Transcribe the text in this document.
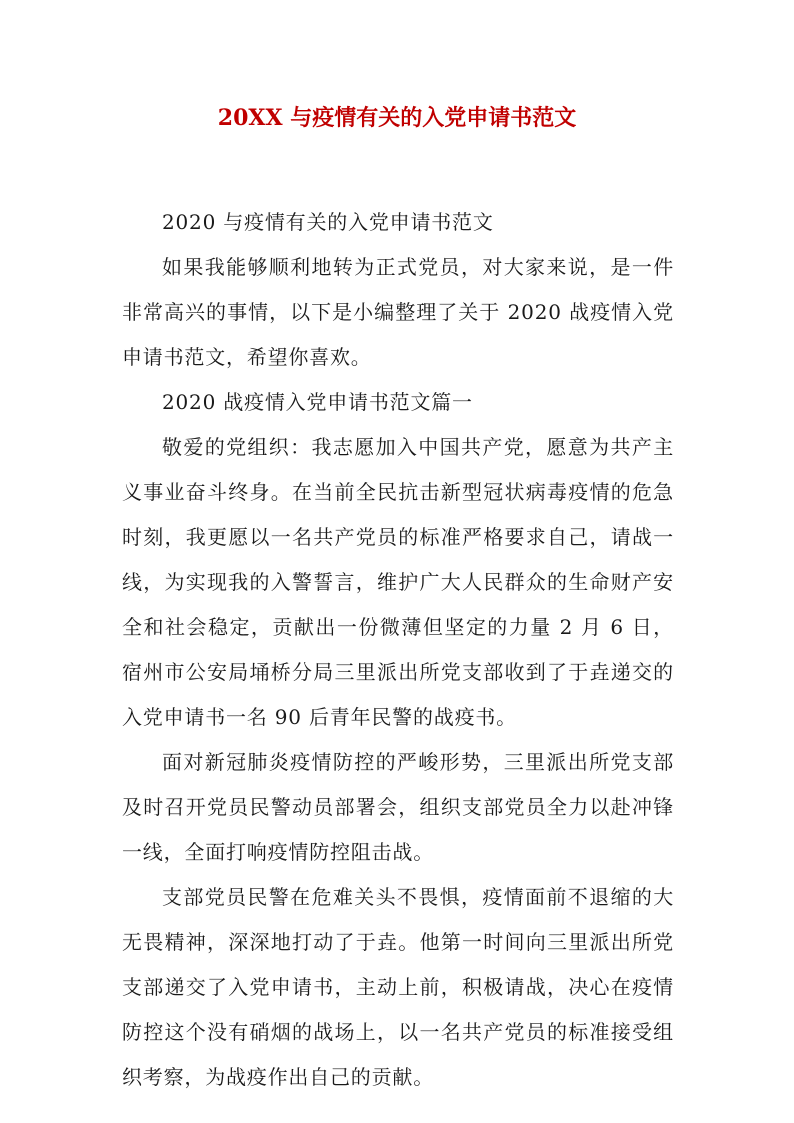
20XX 与疫情有关的入党申请书范文

2020 与疫情有关的入党申请书范文

如果我能够顺利地转为正式党员，对大家来说，是一件非常高兴的事情，以下是小编整理了关于 2020 战疫情入党申请书范文，希望你喜欢。

2020 战疫情入党申请书范文篇一

敬爱的党组织：我志愿加入中国共产党，愿意为共产主义事业奋斗终身。在当前全民抗击新型冠状病毒疫情的危急时刻，我更愿以一名共产党员的标准严格要求自己，请战一线，为实现我的入警誓言，维护广大人民群众的生命财产安全和社会稳定，贡献出一份微薄但坚定的力量 2 月 6 日，宿州市公安局埇桥分局三里派出所党支部收到了于垚递交的入党申请书一名 90 后青年民警的战疫书。

面对新冠肺炎疫情防控的严峻形势，三里派出所党支部及时召开党员民警动员部署会，组织支部党员全力以赴冲锋一线，全面打响疫情防控阻击战。

支部党员民警在危难关头不畏惧，疫情面前不退缩的大无畏精神，深深地打动了于垚。他第一时间向三里派出所党支部递交了入党申请书，主动上前，积极请战，决心在疫情防控这个没有硝烟的战场上，以一名共产党员的标准接受组织考察，为战疫作出自己的贡献。
